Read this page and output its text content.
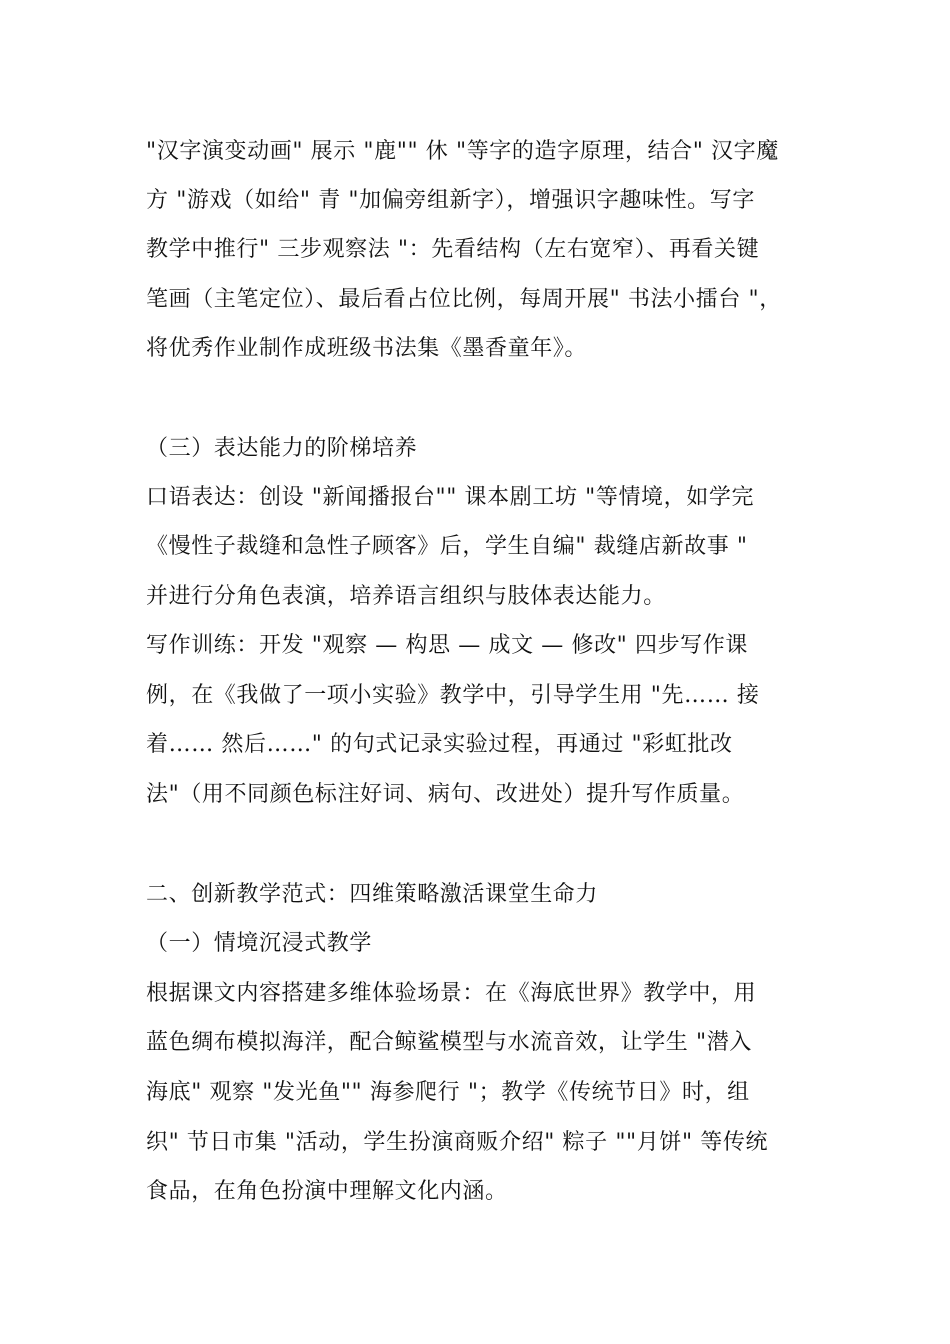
"汉字演变动画" 展示 "鹿"" 休 "等字的造字原理，结合" 汉字魔

方 "游戏（如给" 青 "加偏旁组新字），增强识字趣味性。写字

教学中推行" 三步观察法 "：先看结构（左右宽窄）、再看关键

笔画（主笔定位）、最后看占位比例，每周开展" 书法小擂台 "，

将优秀作业制作成班级书法集《墨香童年》。

（三）表达能力的阶梯培养

口语表达：创设 "新闻播报台"" 课本剧工坊 "等情境，如学完

《慢性子裁缝和急性子顾客》后，学生自编" 裁缝店新故事 "

并进行分角色表演，培养语言组织与肢体表达能力。

写作训练：开发 "观察 — 构思 — 成文 — 修改" 四步写作课

例，在《我做了一项小实验》教学中，引导学生用 "先…… 接

着…… 然后……" 的句式记录实验过程，再通过 "彩虹批改

法"（用不同颜色标注好词、病句、改进处）提升写作质量。

二、创新教学范式：四维策略激活课堂生命力

（一）情境沉浸式教学

根据课文内容搭建多维体验场景：在《海底世界》教学中，用

蓝色绸布模拟海洋，配合鲸鲨模型与水流音效，让学生 "潜入

海底" 观察 "发光鱼"" 海参爬行 "；教学《传统节日》时，组

织" 节日市集 "活动，学生扮演商贩介绍" 粽子 ""月饼" 等传统

食品，在角色扮演中理解文化内涵。
